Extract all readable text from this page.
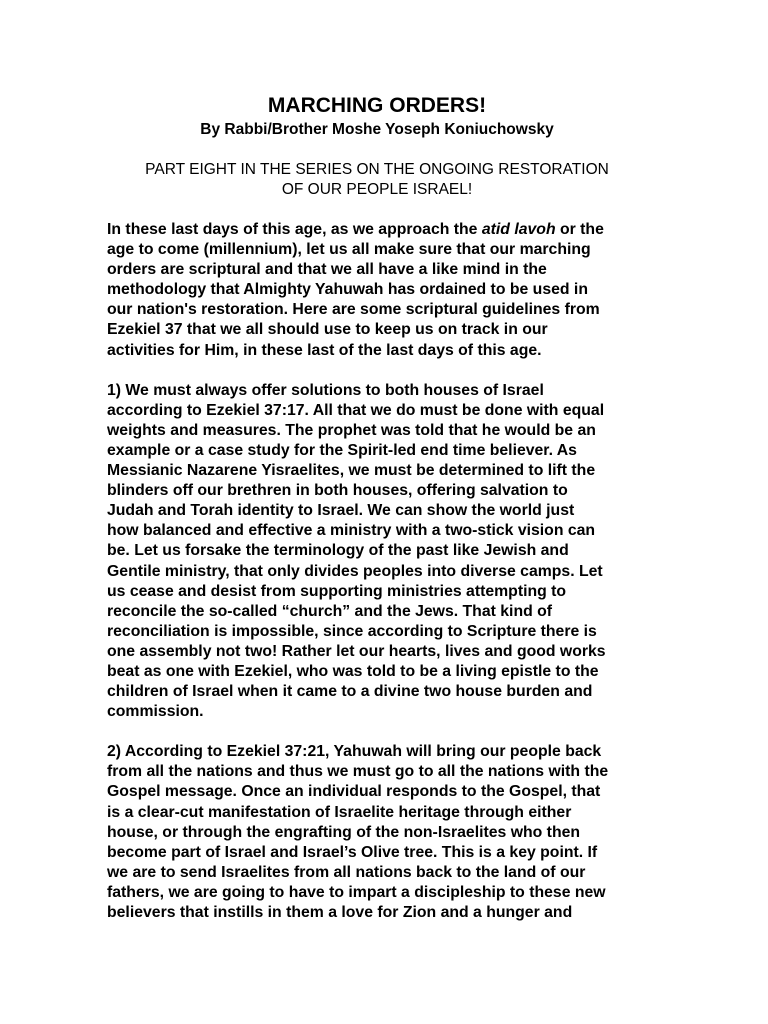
MARCHING ORDERS!

By Rabbi/Brother Moshe Yoseph Koniuchowsky

PART EIGHT IN THE SERIES ON THE ONGOING RESTORATION
OF OUR PEOPLE ISRAEL!
In these last days of this age, as we approach the atid lavoh or the
age to come (millennium), let us all make sure that our marching
orders are scriptural and that we all have a like mind in the
methodology that Almighty Yahuwah has ordained to be used in
our nation's restoration. Here are some scriptural guidelines from
Ezekiel 37 that we all should use to keep us on track in our
activities for Him, in these last of the last days of this age.
1) We must always offer solutions to both houses of Israel
according to Ezekiel 37:17. All that we do must be done with equal
weights and measures. The prophet was told that he would be an
example or a case study for the Spirit-led end time believer. As
Messianic Nazarene Yisraelites, we must be determined to lift the
blinders off our brethren in both houses, offering salvation to
Judah and Torah identity to Israel. We can show the world just
how balanced and effective a ministry with a two-stick vision can
be. Let us forsake the terminology of the past like Jewish and
Gentile ministry, that only divides peoples into diverse camps. Let
us cease and desist from supporting ministries attempting to
reconcile the so-called “church” and the Jews. That kind of
reconciliation is impossible, since according to Scripture there is
one assembly not two! Rather let our hearts, lives and good works
beat as one with Ezekiel, who was told to be a living epistle to the
children of Israel when it came to a divine two house burden and
commission.
2) According to Ezekiel 37:21, Yahuwah will bring our people back
from all the nations and thus we must go to all the nations with the
Gospel message. Once an individual responds to the Gospel, that
is a clear-cut manifestation of Israelite heritage through either
house, or through the engrafting of the non-Israelites who then
become part of Israel and Israel’s Olive tree. This is a key point. If
we are to send Israelites from all nations back to the land of our
fathers, we are going to have to impart a discipleship to these new
believers that instills in them a love for Zion and a hunger and
